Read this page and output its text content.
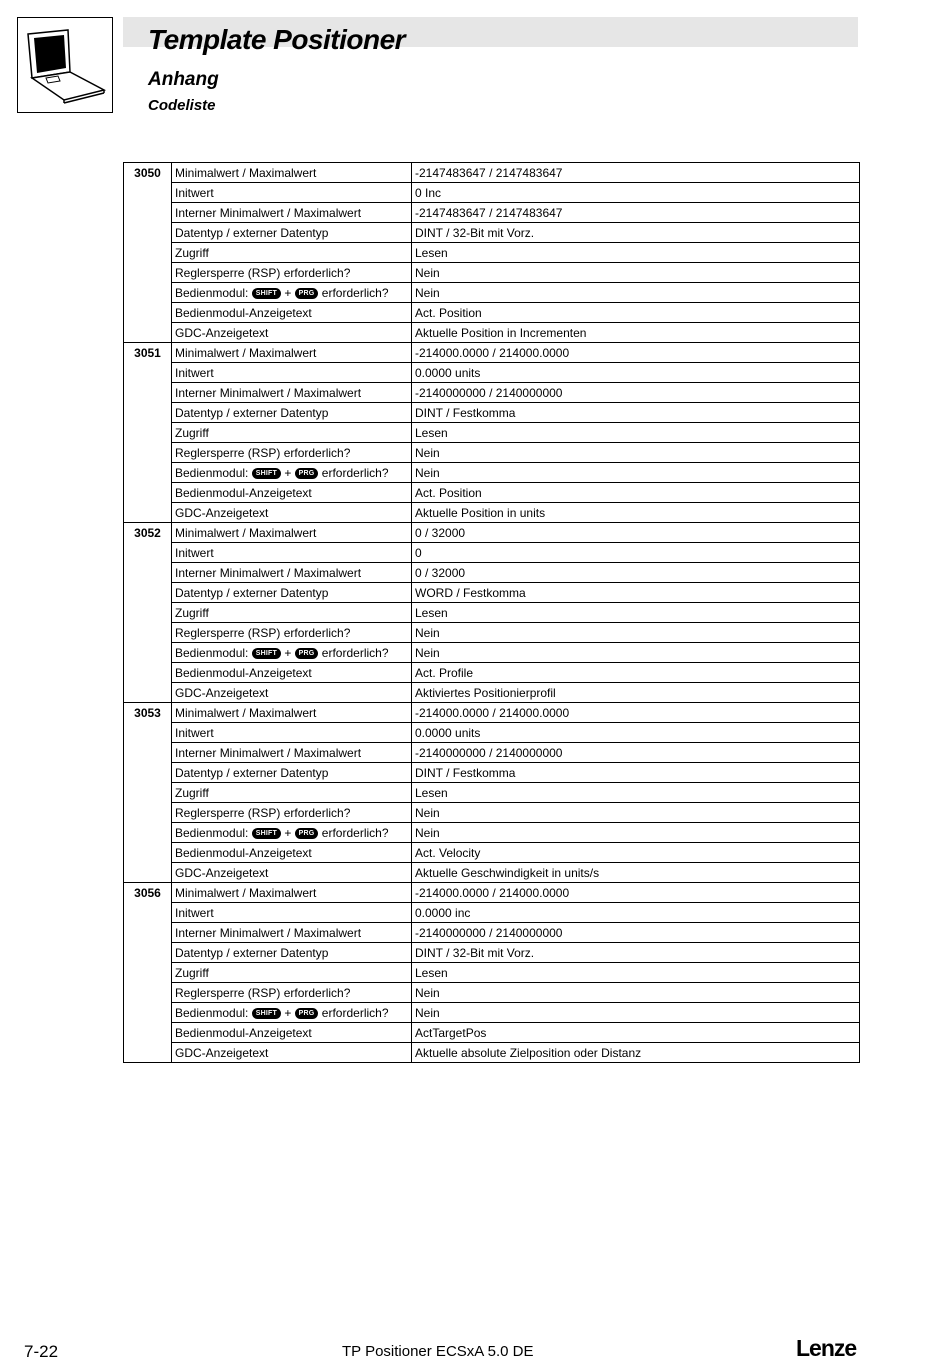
Template Positioner
Anhang
Codeliste
3050	Minimalwert / Maximalwert	-2147483647 / 2147483647
	Initwert	0 Inc
	Interner Minimalwert / Maximalwert	-2147483647 / 2147483647
	Datentyp / externer Datentyp	DINT / 32-Bit mit Vorz.
	Zugriff	Lesen
	Reglersperre (RSP) erforderlich?	Nein
	Bedienmodul: SHIFT + PRG erforderlich?	Nein
	Bedienmodul-Anzeigetext	Act. Position
	GDC-Anzeigetext	Aktuelle Position in Incrementen
3051	Minimalwert / Maximalwert	-214000.0000 / 214000.0000
	Initwert	0.0000 units
	Interner Minimalwert / Maximalwert	-2140000000 / 2140000000
	Datentyp / externer Datentyp	DINT / Festkomma
	Zugriff	Lesen
	Reglersperre (RSP) erforderlich?	Nein
	Bedienmodul: SHIFT + PRG erforderlich?	Nein
	Bedienmodul-Anzeigetext	Act. Position
	GDC-Anzeigetext	Aktuelle Position in units
3052	Minimalwert / Maximalwert	0 / 32000
	Initwert	0
	Interner Minimalwert / Maximalwert	0 / 32000
	Datentyp / externer Datentyp	WORD / Festkomma
	Zugriff	Lesen
	Reglersperre (RSP) erforderlich?	Nein
	Bedienmodul: SHIFT + PRG erforderlich?	Nein
	Bedienmodul-Anzeigetext	Act. Profile
	GDC-Anzeigetext	Aktiviertes Positionierprofil
3053	Minimalwert / Maximalwert	-214000.0000 / 214000.0000
	Initwert	0.0000 units
	Interner Minimalwert / Maximalwert	-2140000000 / 2140000000
	Datentyp / externer Datentyp	DINT / Festkomma
	Zugriff	Lesen
	Reglersperre (RSP) erforderlich?	Nein
	Bedienmodul: SHIFT + PRG erforderlich?	Nein
	Bedienmodul-Anzeigetext	Act. Velocity
	GDC-Anzeigetext	Aktuelle Geschwindigkeit in units/s
3056	Minimalwert / Maximalwert	-214000.0000 / 214000.0000
	Initwert	0.0000 inc
	Interner Minimalwert / Maximalwert	-2140000000 / 2140000000
	Datentyp / externer Datentyp	DINT / 32-Bit mit Vorz.
	Zugriff	Lesen
	Reglersperre (RSP) erforderlich?	Nein
	Bedienmodul: SHIFT + PRG erforderlich?	Nein
	Bedienmodul-Anzeigetext	ActTargetPos
	GDC-Anzeigetext	Aktuelle absolute Zielposition oder Distanz
7-22	TP Positioner ECSxA 5.0 DE	Lenze
